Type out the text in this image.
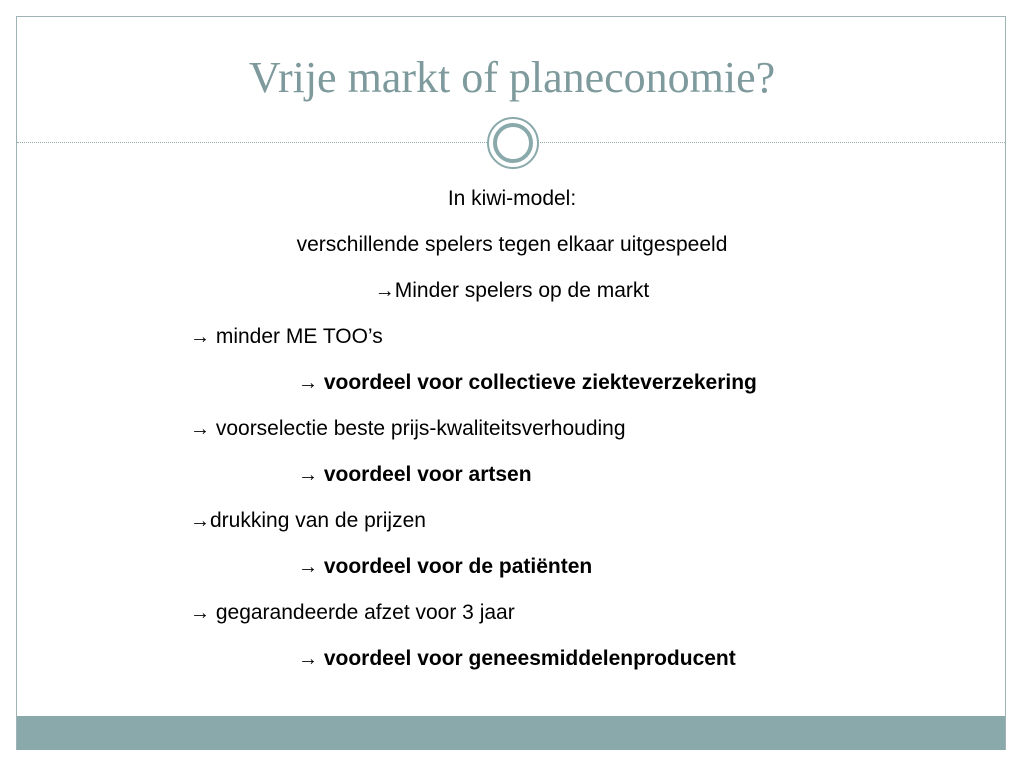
Vrije markt of planeconomie?
In kiwi-model:
verschillende spelers tegen elkaar uitgespeeld
→Minder spelers op de markt
→ minder ME TOO’s
→ voordeel voor collectieve ziekteverzekering
→ voorselectie beste prijs-kwaliteitsverhouding
→ voordeel voor artsen
→drukking van de prijzen
→ voordeel voor de patiënten
→ gegarandeerde afzet voor 3 jaar
→ voordeel voor geneesmiddelenproducent
